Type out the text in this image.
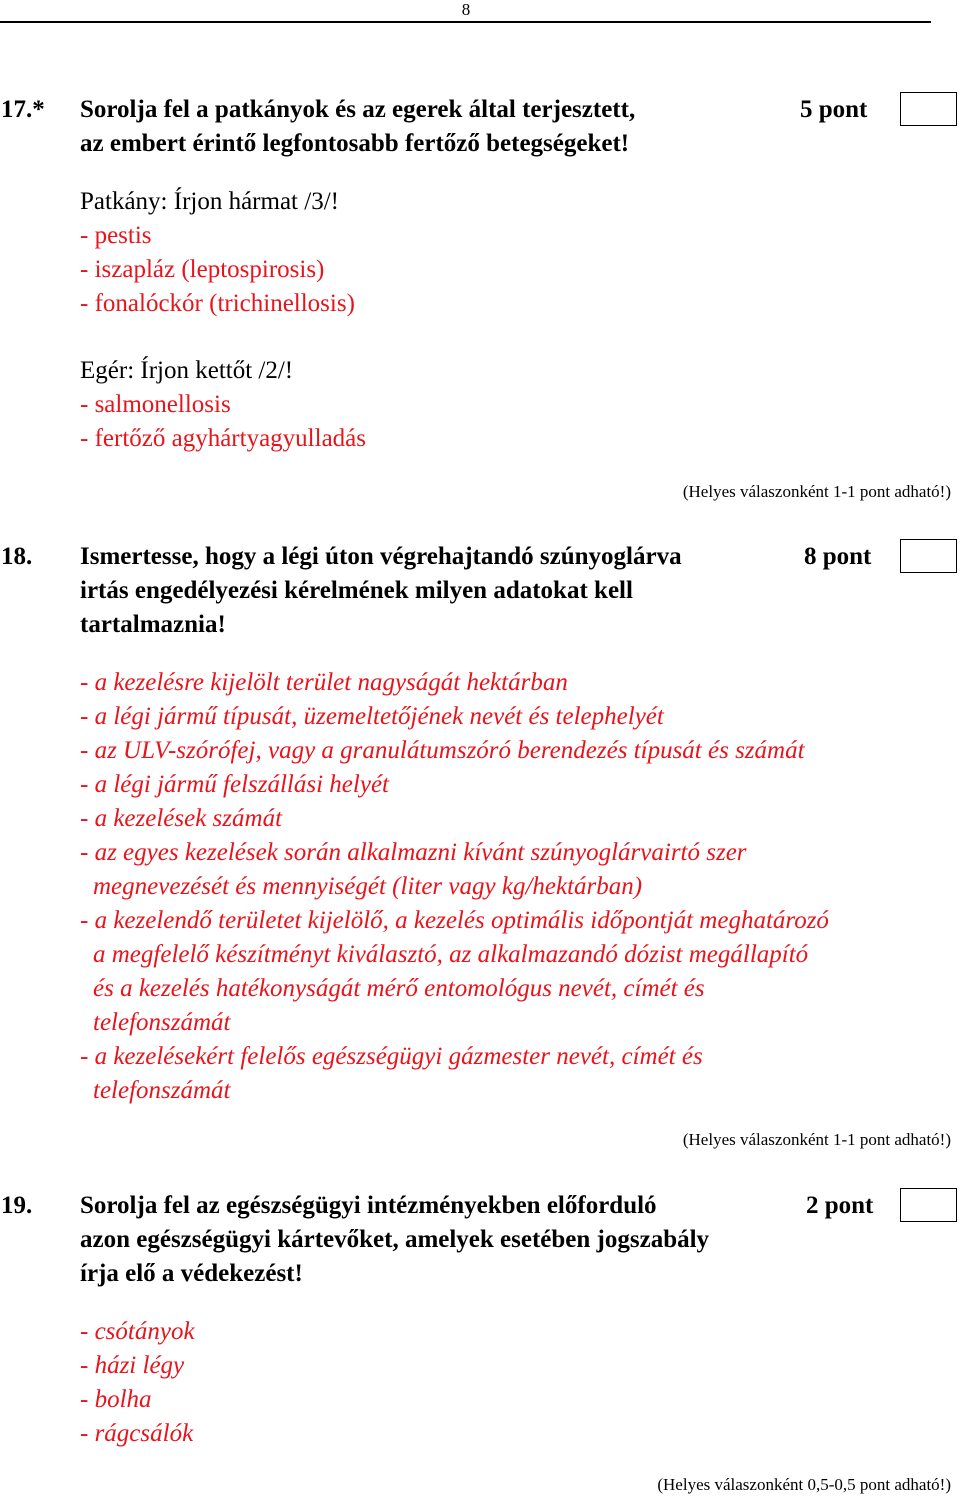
8
17.* Sorolja fel a patkányok és az egerek által terjesztett,
az embert érintő legfontosabb fertőző betegségeket!
5 pont
Patkány: Írjon hármat /3/!
- pestis
- iszapláz (leptospirosis)
- fonalóckór (trichinellosis)
Egér: Írjon kettőt /2/!
- salmonellosis
- fertőző agyhártyagyulladás
(Helyes válaszonként 1-1 pont adható!)
18. Ismertesse, hogy a légi úton végrehajtandó szúnyoglárva
irtás engedélyezési kérelmének milyen adatokat kell
tartalmaznia!
8 pont
- a kezelésre kijelölt terület nagyságát hektárban
- a légi jármű típusát, üzemeltetőjének nevét és telephelyét
- az ULV-szórófej, vagy a granulátumszóró berendezés típusát és számát
- a légi jármű felszállási helyét
- a kezelések számát
- az egyes kezelések során alkalmazni kívánt szúnyoglárvairtó szer
megnevezését és mennyiségét (liter vagy kg/hektárban)
- a kezelendő területet kijelölő, a kezelés optimális időpontját meghatározó
a megfelelő készítményt kiválasztó, az alkalmazandó dózist megállapító
és a kezelés hatékonyságát mérő entomológus nevét, címét és
telefonszámát
- a kezelésekért felelős egészségügyi gázmester nevét, címét és
telefonszámát
(Helyes válaszonként 1-1 pont adható!)
19. Sorolja fel az egészségügyi intézményekben előforduló
azon egészségügyi kártevőket, amelyek esetében jogszabály
írja elő a védekezést!
2 pont
- csótányok
- házi légy
- bolha
- rágcsálók
(Helyes válaszonként 0,5-0,5 pont adható!)
